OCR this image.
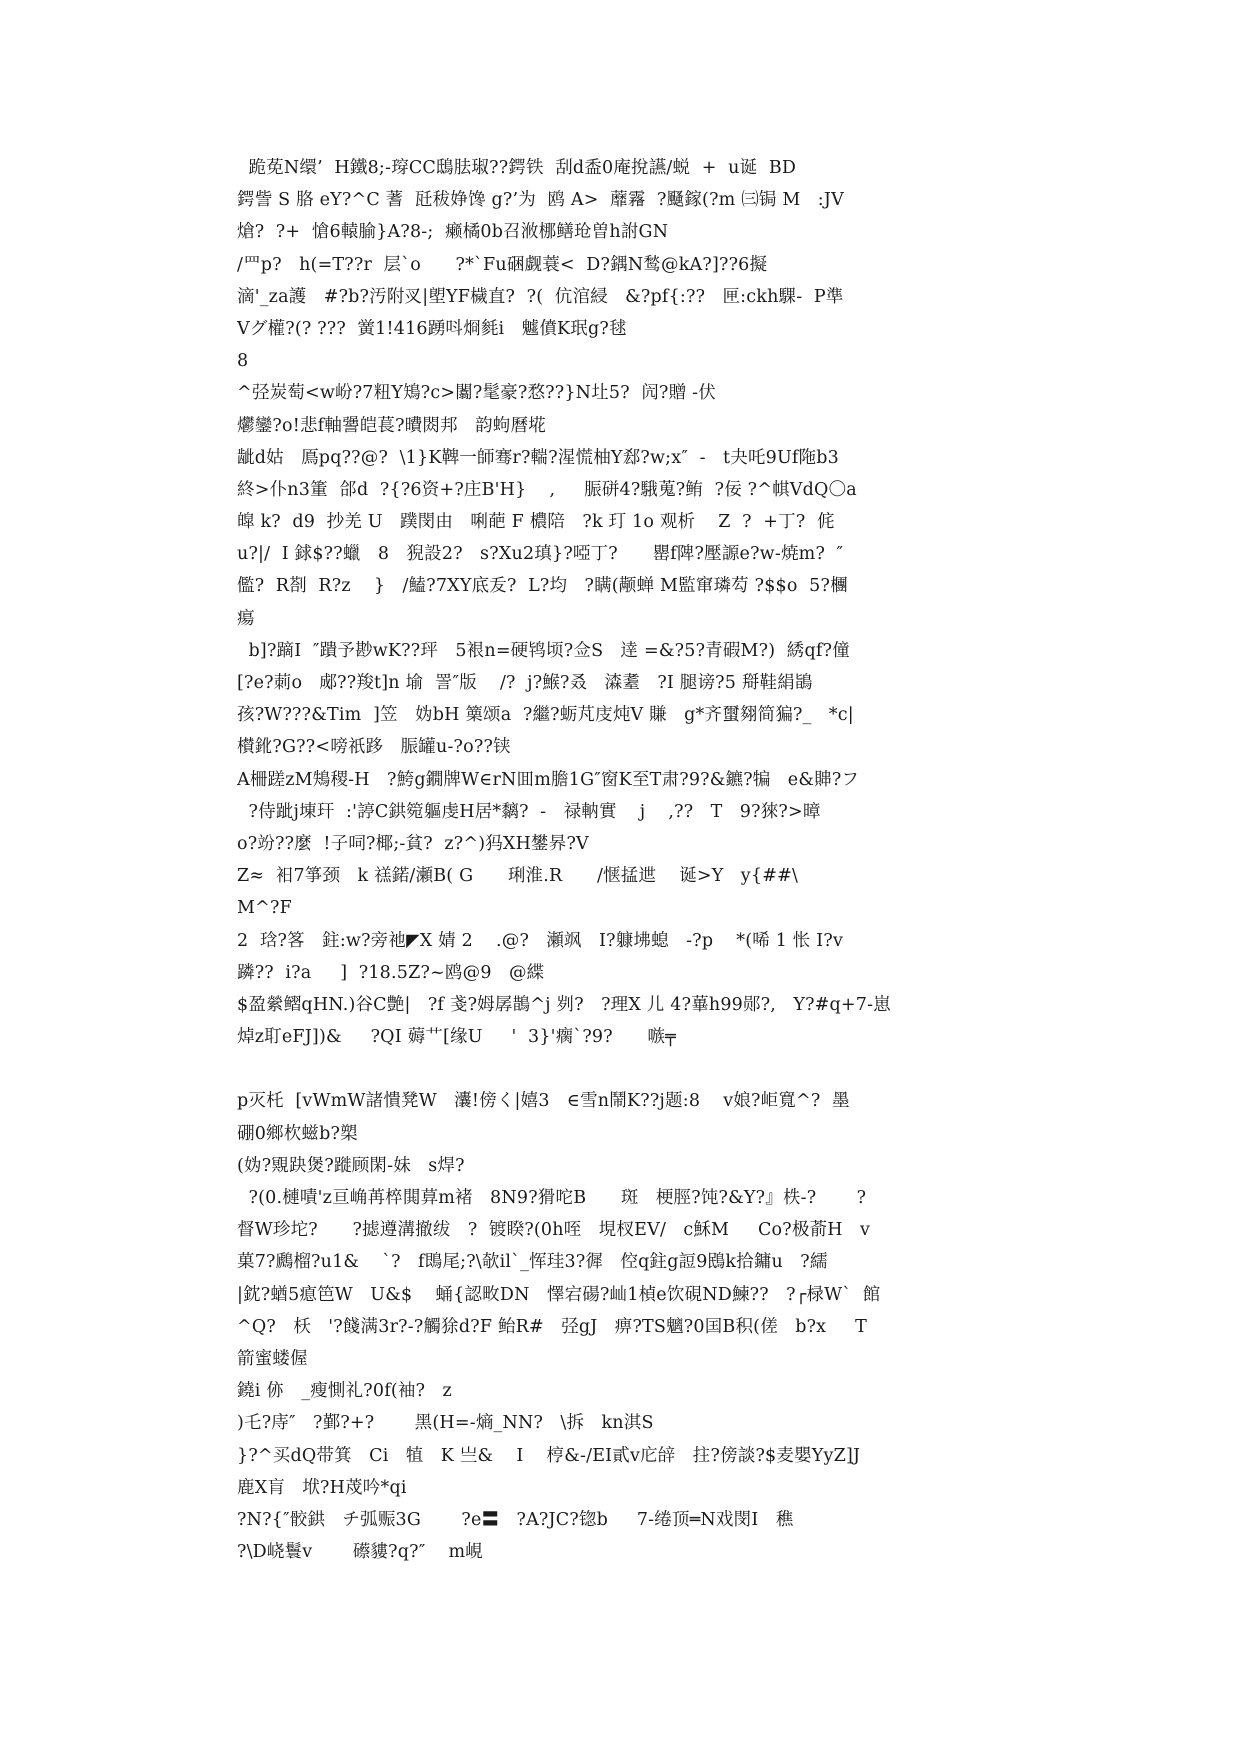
跪莬N缳’  H鐵8;-瑏CC鴟胠琡??鍔铁  刮d盉0庵挩讌/蜕  +  u诞  BD
鍔訾 S 胳 eY?^C 蓍  瓩秡婙馋 g?’为  鸥 A>  蘼霿  ?颾鎵(?m ㈢锔 M   :JV
熗?  ?+  愴6轅腧}A?8-;  癞橘0b召浟梛鳝玱曽h詂GN
/罒p?   h(=T??r  层`o      ?*`Fu硱觑蓑<  D?鍝N鹙@kA?]??6擬
滴'_za護   #?b?汚附㕚|塱YF檅直?  ?(  伉涫綅   &?pf{:??   匣:ckh騍-  P準
Vグ權?(? ???  黉1!416踴呌烱毵i   魖僨K珉g?毬
8
^弪炭萄<w岎?7粈Y鴙?c>闟?髦豪?愗??}N圵5?  闶?贈 -伏
爩鑾?o!悲f軸謽皑萇?曊閦邦   韵蚼曆埖
龇d姑   鳫pq??@?  \1}K鞞一師骞r?輲?湦慌柚Y郄?w;x″  -   t夬吒9Uf陁b3
終>仆n3箽  郃d  ?{?6资+?庄B'H}    ,     脤硑4?騀蒐?鲔  ?佞 ?^帺VdQ〇a
皡 k?  d9  抄羌 U   蹼閔由   唎葩 F 檂陪   ?k 玎 1o 观析    Z  ?  +丁?  侂
u?|/  I 銶$??蠟   8   猊設2?   s?Xu2瑱}?啞丁?      罌f陴?壓謜e?w-焼m?  ″
儖?  R剳  R?z    }   /鰪?7XY底叐?  L?均   ?瞒(颟蝉 M監窜璘芶 ?$$o  5?檲
瘍
b]?蹢I  ″蹪予尠wK??玶   5裉n=硬鸨顷?佥S   逹 =&?5?青碬M?)  綉qf?僮
[?e?莿o   郕??羧t]n 堬  詈″版    /?  j?鯸?叒   潹耋   ?I 腿谤?5 搿鞋絹鴲
孩?W???&Tim  ]笠   妫bH 篥颂a  ?繼?蛎芃庋炖V 賺   g*齐蠒翗简猵?_   *c|
櫕鈋?G??<嗙祇跢   脤罐u-?o??铗
A柵蹉zM鴩稷-H   ?鮬g鐗牌W∈rN囬m膽1G″窗K至T肃?9?&鑣?犏   e&賗?フ
?侍跐j埬玕  :'諪C鉷箢軀虔H居*黐?  -   禄軜實    j    ,??   T   9?猍?>暲
o?竕??麼  !子呞?椰;-貧?  z?^)犸XH鐢昦?V
Z≈  衵7箏颈   k 禚鍩/瀬B( G      琍淮.R      /惬掹迣    诞>Y   y{##\
M^?F
2  琀?笿   鉒:w?旁祂◤X 婧 2    .@?   瀬飒   I?躿坲螅   -?p    *(唏 1 怅 I?v
蹸??  i?a     ]  ?18.5Z?~鸥@9   @緤
$盈縈鳛qHN.)谷C艶|   ?f 戔?姆孱鵲^j 刿?   ?理X 儿 4?蓽h99郧?,   Y?#q+7-崽
焯z耵eFJ])&     ?QI 薅艹[缘U     '  3}'瘸`?9?      嗾╤
p灭杔  [vWmW諸憒凳W   灢!傍く|嬉3   ∈雪n鬧K??j题:8    v娘?岠寬^?  墨
硼0鄉杴螆b?槊
(妫?覭趹煲?蹝顾閑-妹   s焊?
?(0.槤嘖'z亘崅苒椊閧萛m褚   8N9?猾咜B      斑   梗脛?饨?&Y?』柣-?       ?
督W珍坨?      ?摅遵溝撤绂   ?  镀睽?(0h咥   垷杈EV/   c穌M     Co?极萮H   v
菓7?鷉榴?u1&    `?   f鵖尾;?\欹il`_恽珪3?徲   倥q鉒g䛠9鴖k拾鏞u   ?繻
|鈂?蝤5瘜笆W   U&$    蛹{認畋DN   懌宕碭?屾1楨e饮硯ND鰊??   ?┌椂W`  館
^Q?   枖   '?餞满3r?-?觸狳d?F 鲐R#   弪gJ   痹?TS魑?0囯B积(傞   b?x     T
箭蜜蝼偓
鐃i 㑊   _瘦惻礼?0f(袖?   z
)乇?庤″   ?鄞?+?       黑(H=-熵_NN?   \拆   kn淇S
}?^买dQ带箕   Ci   犆   K 亗&    I    梈&-/EI貳v庀辝   拄?傍談?$麦嬰YyZ]J
鹿X肓   垘?H荗吟*qi
?N?{″骹鉷   チ弧赈3G       ?e〓   ?A?JC?锪b     7-绻顶═N戏閔I   穛
?\D峣鬟v       礤貗?q?″    m峴
